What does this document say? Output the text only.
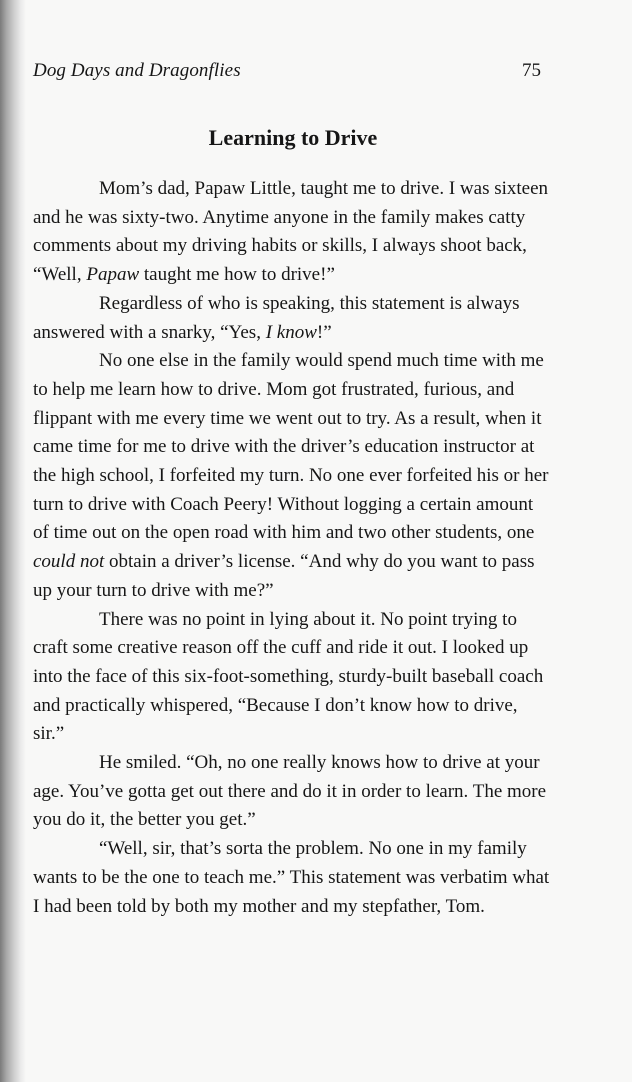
Dog Days and Dragonflies	75
Learning to Drive

Mom’s dad, Papaw Little, taught me to drive. I was sixteen and he was sixty-two. Anytime anyone in the family makes catty comments about my driving habits or skills, I always shoot back, “Well, Papaw taught me how to drive!”

Regardless of who is speaking, this statement is always answered with a snarky, “Yes, I know!”

No one else in the family would spend much time with me to help me learn how to drive. Mom got frustrated, furious, and flippant with me every time we went out to try. As a result, when it came time for me to drive with the driver’s education instructor at the high school, I forfeited my turn. No one ever forfeited his or her turn to drive with Coach Peery! Without logging a certain amount of time out on the open road with him and two other students, one could not obtain a driver’s license. “And why do you want to pass up your turn to drive with me?”

There was no point in lying about it. No point trying to craft some creative reason off the cuff and ride it out. I looked up into the face of this six-foot-something, sturdy-built baseball coach and practically whispered, “Because I don’t know how to drive, sir.”

He smiled. “Oh, no one really knows how to drive at your age. You’ve gotta get out there and do it in order to learn. The more you do it, the better you get.”

“Well, sir, that’s sorta the problem. No one in my family wants to be the one to teach me.” This statement was verbatim what I had been told by both my mother and my stepfather, Tom.
